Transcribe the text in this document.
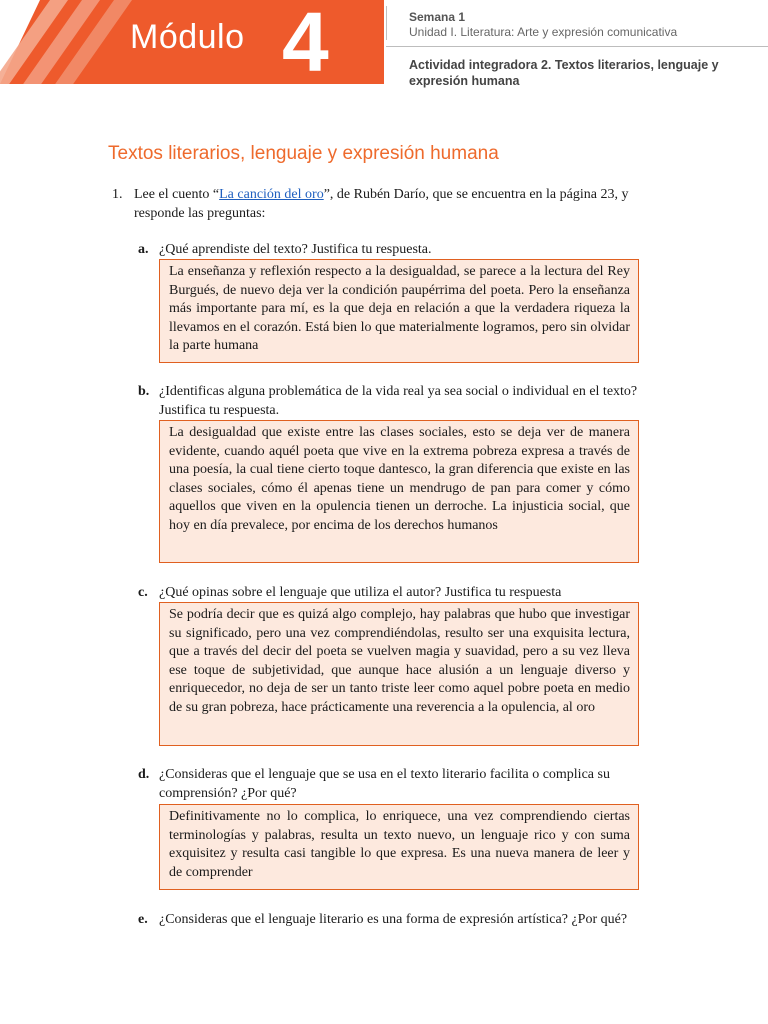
Módulo 4	Semana 1
Unidad I. Literatura: Arte y expresión comunicativa
Actividad integradora 2. Textos literarios, lenguaje y expresión humana
Textos literarios, lenguaje y expresión humana
1. Lee el cuento “La canción del oro”, de Rubén Darío, que se encuentra en la página 23, y responde las preguntas:
a. ¿Qué aprendiste del texto? Justifica tu respuesta.
La enseñanza y reflexión respecto a la desigualdad, se parece a la lectura del Rey Burgués, de nuevo deja ver la condición paupérrima del poeta. Pero la enseñanza más importante para mí, es la que deja en relación a que la verdadera riqueza la llevamos en el corazón. Está bien lo que materialmente logramos, pero sin olvidar la parte humana
b. ¿Identificas alguna problemática de la vida real ya sea social o individual en el texto? Justifica tu respuesta.
La desigualdad que existe entre las clases sociales, esto se deja ver de manera evidente, cuando aquél poeta que vive en la extrema pobreza expresa a través de una poesía, la cual tiene cierto toque dantesco, la gran diferencia que existe en las clases sociales, cómo él apenas tiene un mendrugo de pan para comer y cómo aquellos que viven en la opulencia tienen un derroche. La injusticia social, que hoy en día prevalece, por encima de los derechos humanos
c. ¿Qué opinas sobre el lenguaje que utiliza el autor? Justifica tu respuesta
Se podría decir que es quizá algo complejo, hay palabras que hubo que investigar su significado, pero una vez comprendiéndolas, resulto ser una exquisita lectura, que a través del decir del poeta se vuelven magia y suavidad, pero a su vez lleva ese toque de subjetividad, que aunque hace alusión a un lenguaje diverso y enriquecedor, no deja de ser un tanto triste leer como aquel pobre poeta en medio de su gran pobreza, hace prácticamente una reverencia a la opulencia, al oro
d. ¿Consideras que el lenguaje que se usa en el texto literario facilita o complica su comprensión? ¿Por qué?
Definitivamente no lo complica, lo enriquece, una vez comprendiendo ciertas terminologías y palabras, resulta un texto nuevo, un lenguaje rico y con suma exquisitez y resulta casi tangible lo que expresa. Es una nueva manera de leer y de comprender
e. ¿Consideras que el lenguaje literario es una forma de expresión artística? ¿Por qué?
